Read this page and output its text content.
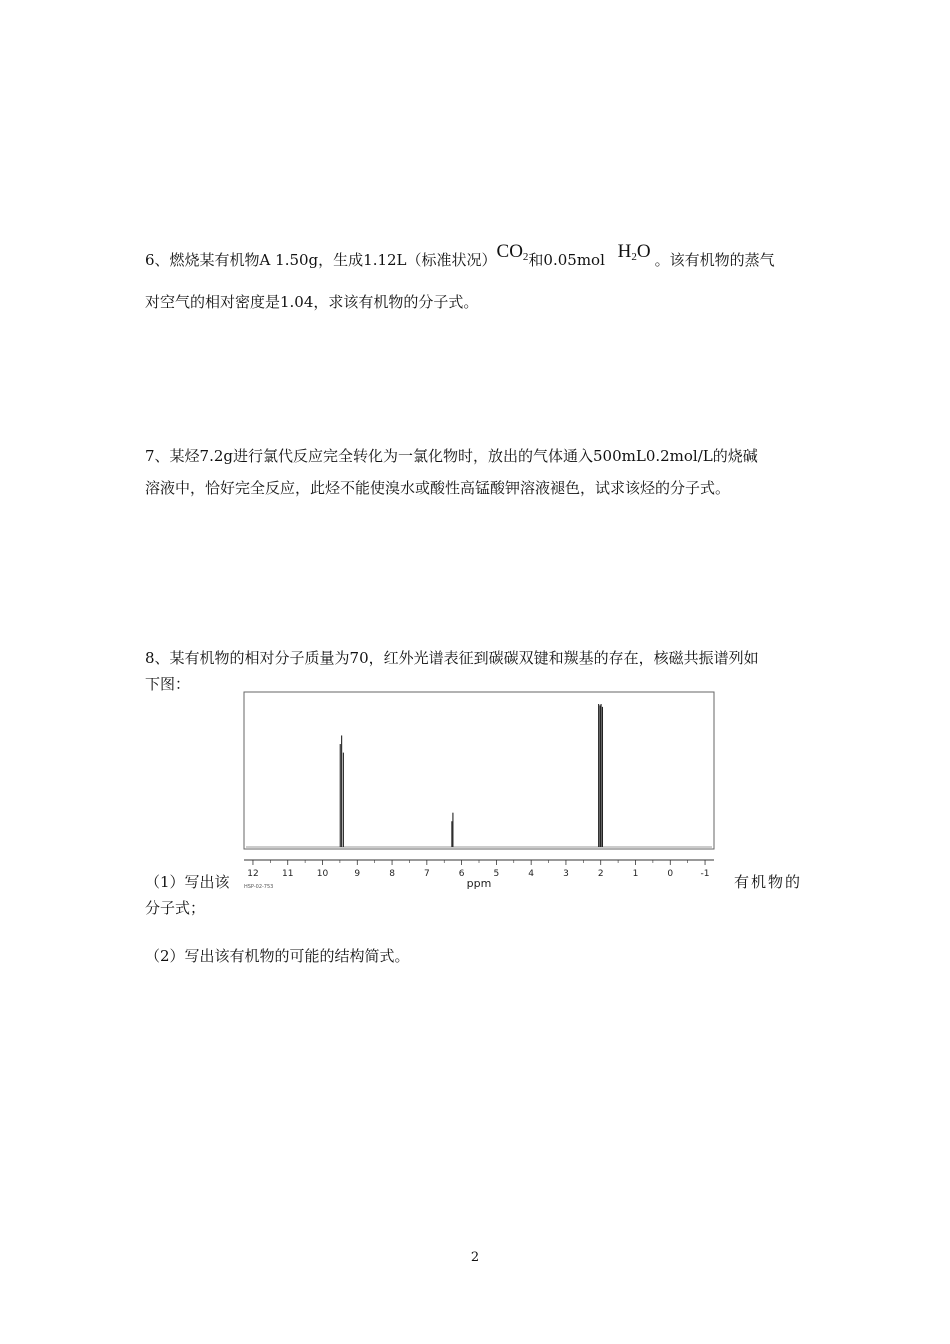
6、燃烧某有机物A 1.50g，生成1.12L（标准状况）$CO_2$和0.05mol $H_2O$ 。该有机物的蒸气
对空气的相对密度是1.04，求该有机物的分子式。
7、某烃7.2g进行氯代反应完全转化为一氯化物时，放出的气体通入500mL0.2mol/L的烧碱
溶液中，恰好完全反应，此烃不能使溴水或酸性高锰酸钾溶液褪色，试求该烃的分子式。
8、某有机物的相对分子质量为70，红外光谱表征到碳碳双键和羰基的存在，核磁共振谱列如
下图：
12	11	10	9	8	7	6	5	4	3	2	1	0	-1
ppm
HSP-02-753
（1）写出该	有机物的
分子式；
（2）写出该有机物的可能的结构简式。
2
